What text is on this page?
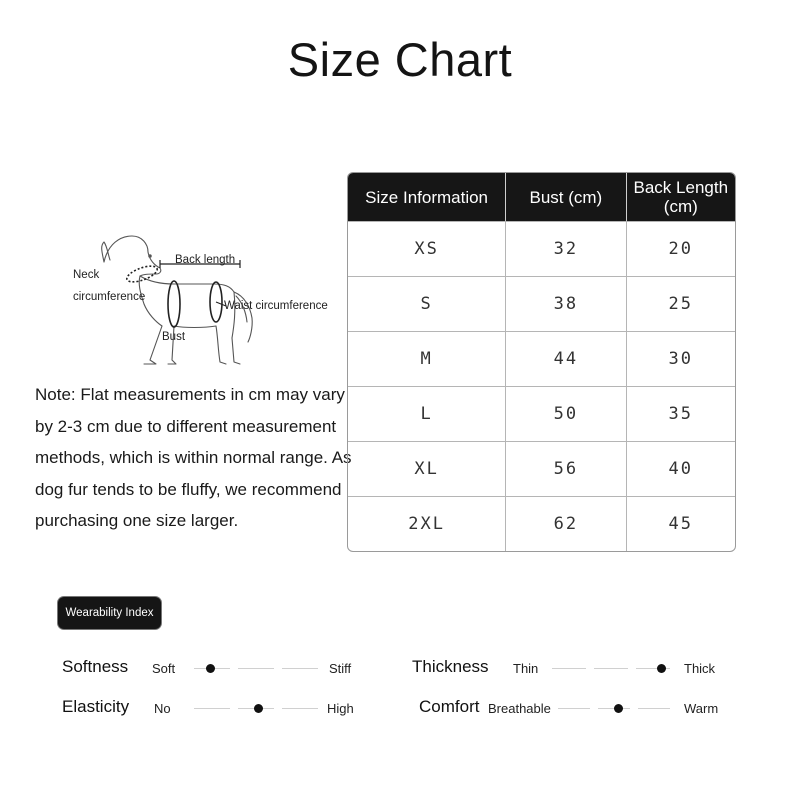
Size Chart
Neck
circumference
Back length
Waist circumference
Bust
Note: Flat measurements in cm may vary by 2-3 cm due to different measurement methods, which is within normal range. As dog fur tends to be fluffy, we recommend purchasing one size larger.
Size Information	Bust (cm)	Back Length (cm)
XS	32	20
S	38	25
M	44	30
L	50	35
XL	56	40
2XL	62	45
Wearability Index
Softness Soft	Stiff	Thickness Thin	Thick
Elasticity No	High	Comfort Breathable	Warm
